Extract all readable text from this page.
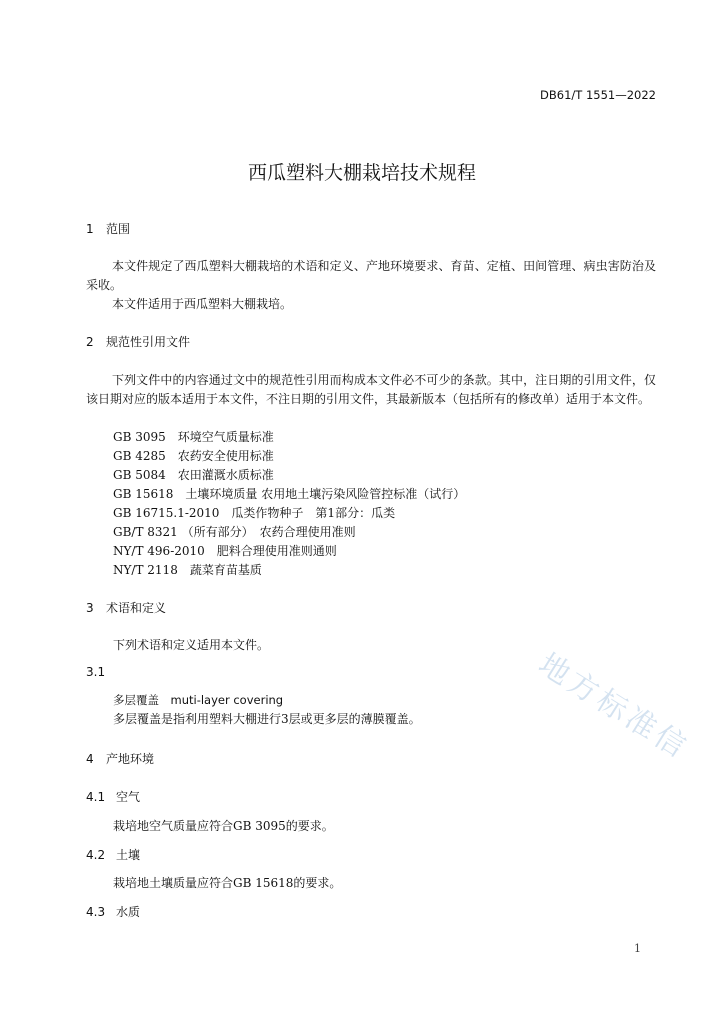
DB61/T 1551—2022
西瓜塑料大棚栽培技术规程
1 范围
本文件规定了西瓜塑料大棚栽培的术语和定义、产地环境要求、育苗、定植、田间管理、病虫害防治及采收。
本文件适用于西瓜塑料大棚栽培。
2 规范性引用文件
下列文件中的内容通过文中的规范性引用而构成本文件必不可少的条款。其中，注日期的引用文件，仅该日期对应的版本适用于本文件，不注日期的引用文件，其最新版本（包括所有的修改单）适用于本文件。
GB 3095　环境空气质量标准
GB 4285　农药安全使用标准
GB 5084　农田灌溉水质标准
GB 15618　土壤环境质量 农用地土壤污染风险管控标准（试行）
GB 16715.1-2010　瓜类作物种子　第1部分：瓜类
GB/T 8321 （所有部分）　农药合理使用准则
NY/T 496-2010　肥料合理使用准则通则
NY/T 2118　蔬菜育苗基质
3 术语和定义
下列术语和定义适用本文件。
3.1
多层覆盖　muti-layer covering
多层覆盖是指利用塑料大棚进行3层或更多层的薄膜覆盖。
4 产地环境
4.1 空气
栽培地空气质量应符合GB 3095的要求。
4.2 土壤
栽培地土壤质量应符合GB 15618的要求。
4.3 水质
地方标准信
1
